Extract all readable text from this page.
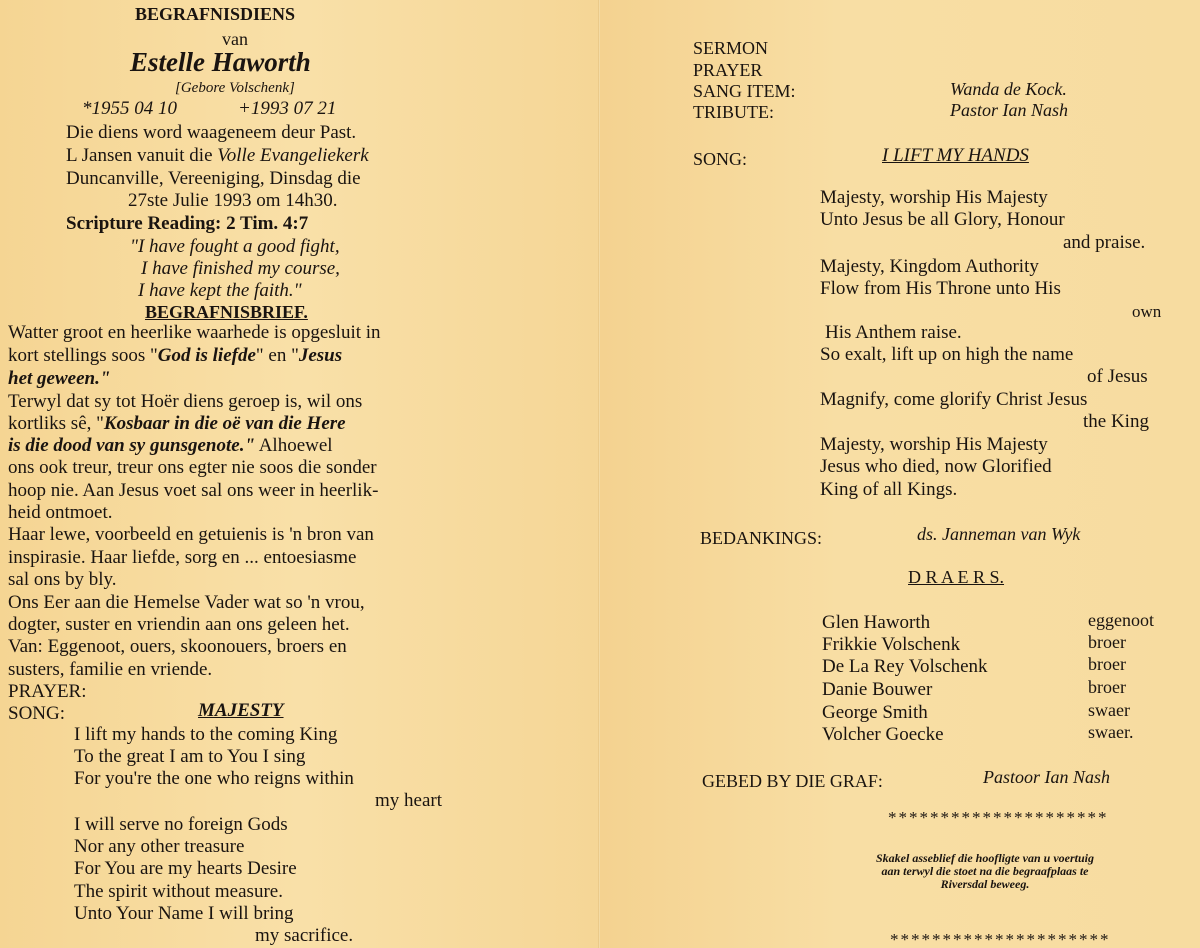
BEGRAFNISDIENS
van
Estelle Haworth
[Gebore Volschenk]
*1955 04 10	+1993 07 21
Die diens word waageneem deur Past.
L Jansen vanuit die Volle Evangeliekerk
Duncanville, Vereeniging, Dinsdag die
27ste Julie 1993 om 14h30.
Scripture Reading: 2 Tim. 4:7
"I have fought a good fight,
I have finished my course,
I have kept the faith."
BEGRAFNISBRIEF.
Watter groot en heerlike waarhede is opgesluit in
kort stellings soos "God is liefde" en "Jesus
het geween."
Terwyl dat sy tot Hoër diens geroep is, wil ons
kortliks sê, "Kosbaar in die oë van die Here
is die dood van sy gunsgenote." Alhoewel
ons ook treur, treur ons egter nie soos die sonder
hoop nie. Aan Jesus voet sal ons weer in heerlik-
heid ontmoet.
Haar lewe, voorbeeld en getuienis is 'n bron van
inspirasie. Haar liefde, sorg en ... entoesiasme
sal ons by bly.
Ons Eer aan die Hemelse Vader wat so 'n vrou,
dogter, suster en vriendin aan ons geleen het.
Van: Eggenoot, ouers, skoonouers, broers en
susters, familie en vriende.
PRAYER:
SONG:	MAJESTY
I lift my hands to the coming King
To the great I am to You I sing
For you're the one who reigns within
my heart
I will serve no foreign Gods
Nor any other treasure
For You are my hearts Desire
The spirit without measure.
Unto Your Name I will bring
my sacrifice.
SERMON
PRAYER
SANG ITEM:	Wanda de Kock.
TRIBUTE:	Pastor Ian Nash
SONG:	I LIFT MY HANDS
Majesty, worship His Majesty
Unto Jesus be all Glory, Honour
and praise.
Majesty, Kingdom Authority
Flow from His Throne unto His
own
His Anthem raise.
So exalt, lift up on high the name
of Jesus
Magnify, come glorify Christ Jesus
the King
Majesty, worship His Majesty
Jesus who died, now Glorified
King of all Kings.
BEDANKINGS:	ds. Janneman van Wyk
D R A E R S.
Glen Haworth	eggenoot
Frikkie Volschenk	broer
De La Rey Volschenk	broer
Danie Bouwer	broer
George Smith	swaer
Volcher Goecke	swaer.
GEBED BY DIE GRAF:	Pastoor Ian Nash
*********************
Skakel asseblief die hoofligte van u voertuig
aan terwyl die stoet na die begraafplaas te
Riversdal beweeg.
*********************
